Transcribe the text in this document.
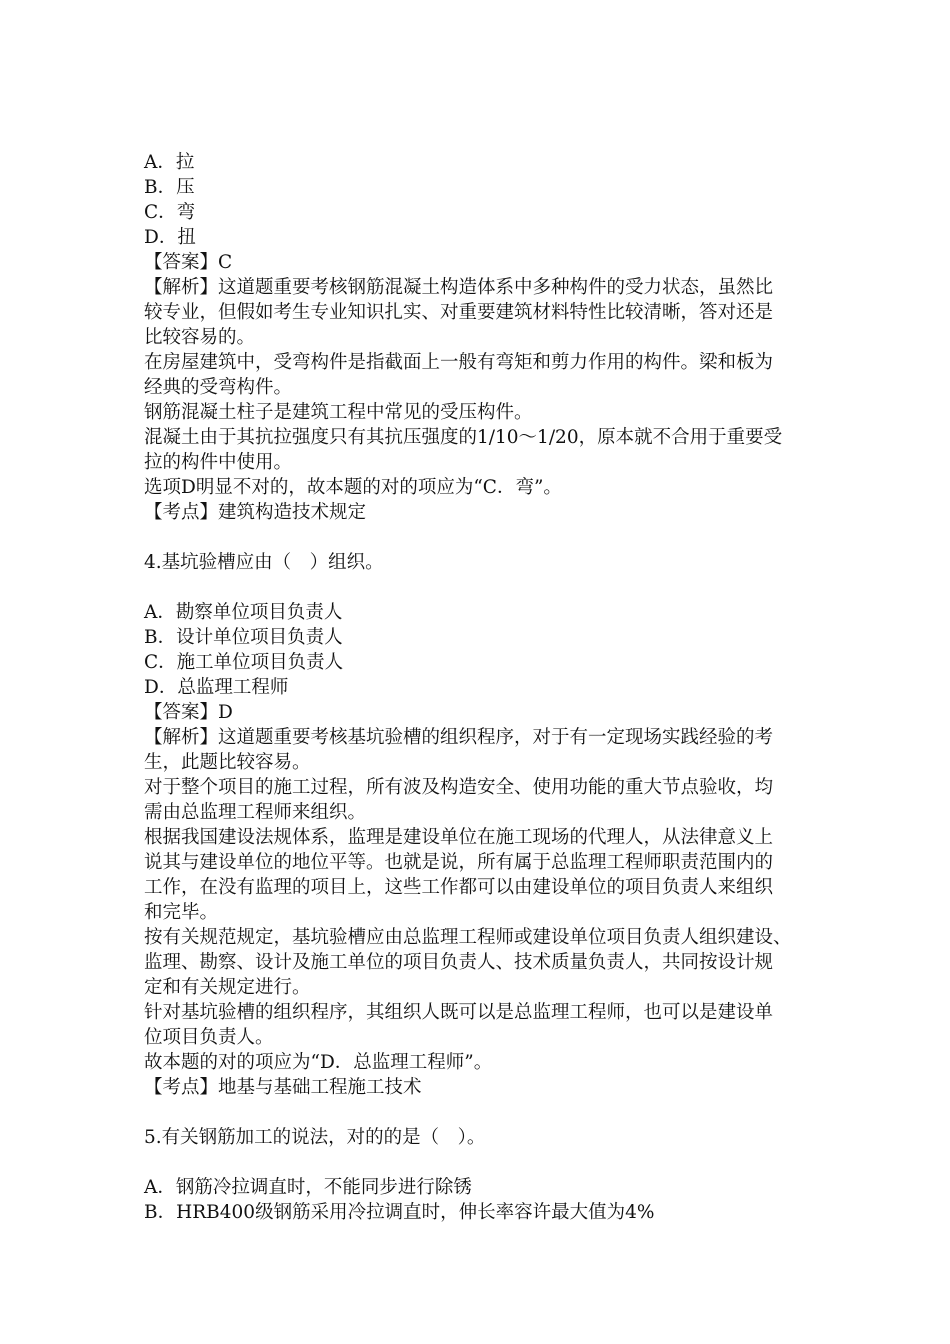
A．拉
B．压
C．弯
D．扭
【答案】C
【解析】这道题重要考核钢筋混凝土构造体系中多种构件的受力状态，虽然比
较专业，但假如考生专业知识扎实、对重要建筑材料特性比较清晰，答对还是
比较容易的。
在房屋建筑中，受弯构件是指截面上一般有弯矩和剪力作用的构件。梁和板为
经典的受弯构件。
钢筋混凝土柱子是建筑工程中常见的受压构件。
混凝土由于其抗拉强度只有其抗压强度的1/10～1/20，原本就不合用于重要受
拉的构件中使用。
选项D明显不对的，故本题的对的项应为“C．弯”。
【考点】建筑构造技术规定
4.基坑验槽应由（　）组织。
A．勘察单位项目负责人
B．设计单位项目负责人
C．施工单位项目负责人
D．总监理工程师
【答案】D
【解析】这道题重要考核基坑验槽的组织程序，对于有一定现场实践经验的考
生，此题比较容易。
对于整个项目的施工过程，所有波及构造安全、使用功能的重大节点验收，均
需由总监理工程师来组织。
根据我国建设法规体系，监理是建设单位在施工现场的代理人，从法律意义上
说其与建设单位的地位平等。也就是说，所有属于总监理工程师职责范围内的
工作，在没有监理的项目上，这些工作都可以由建设单位的项目负责人来组织
和完毕。
按有关规范规定，基坑验槽应由总监理工程师或建设单位项目负责人组织建设、
监理、勘察、设计及施工单位的项目负责人、技术质量负责人，共同按设计规
定和有关规定进行。
针对基坑验槽的组织程序，其组织人既可以是总监理工程师，也可以是建设单
位项目负责人。
故本题的对的项应为“D．总监理工程师”。
【考点】地基与基础工程施工技术
5.有关钢筋加工的说法，对的的是（　）。
A．钢筋冷拉调直时，不能同步进行除锈
B．HRB400级钢筋采用冷拉调直时，伸长率容许最大值为4%
